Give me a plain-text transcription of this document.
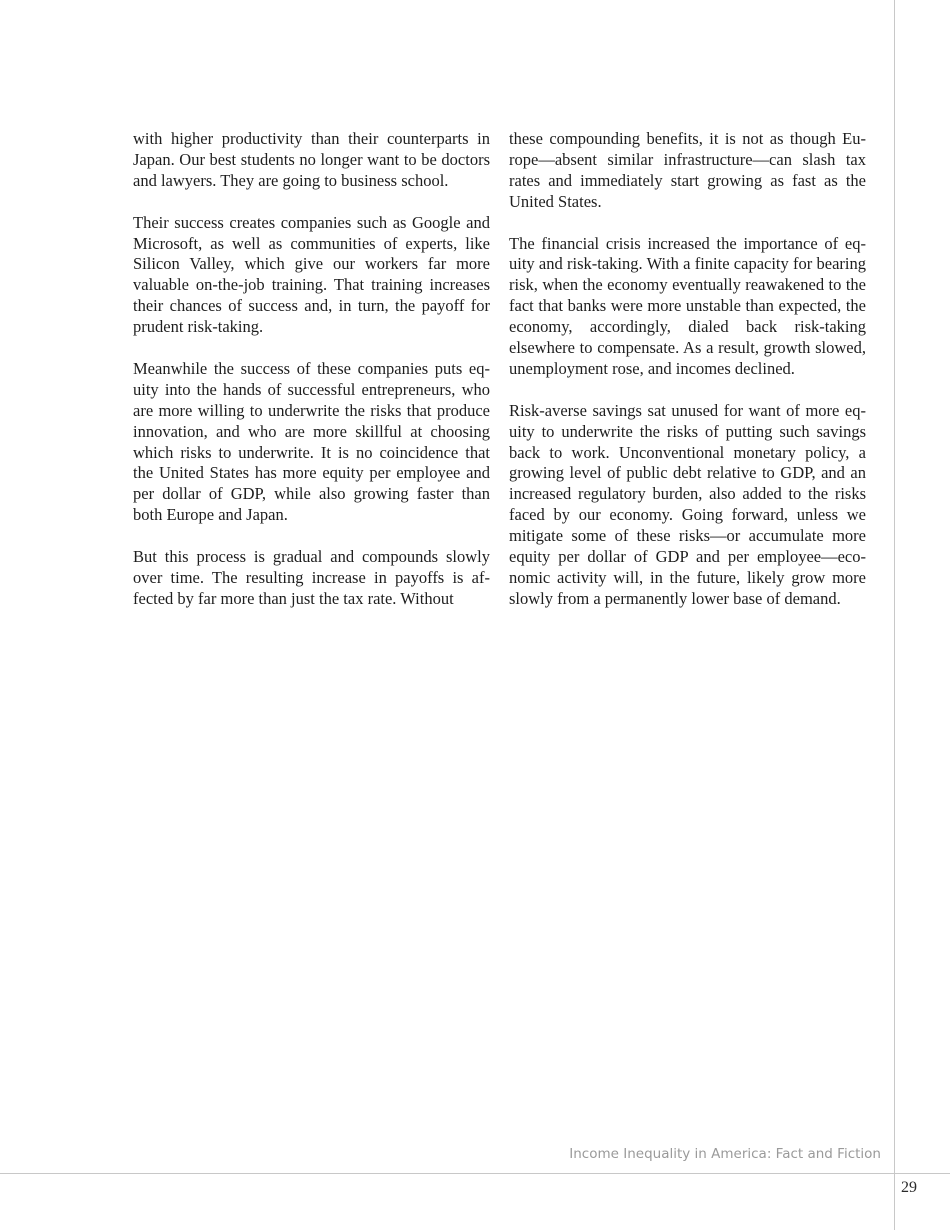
with higher productivity than their counterparts in Japan. Our best students no longer want to be doctors and lawyers. They are going to business school.

Their success creates companies such as Google and Microsoft, as well as communities of experts, like Silicon Valley, which give our workers far more valuable on-the-job training. That training increases their chances of success and, in turn, the payoff for prudent risk-taking.

Meanwhile the success of these companies puts equity into the hands of successful entrepreneurs, who are more willing to underwrite the risks that produce innovation, and who are more skillful at choosing which risks to underwrite. It is no coincidence that the United States has more equity per employee and per dollar of GDP, while also growing faster than both Europe and Japan.

But this process is gradual and compounds slowly over time. The resulting increase in payoffs is affected by far more than just the tax rate. Without

these compounding benefits, it is not as though Europe—absent similar infrastructure—can slash tax rates and immediately start growing as fast as the United States.

The financial crisis increased the importance of equity and risk-taking. With a finite capacity for bearing risk, when the economy eventually reawakened to the fact that banks were more unstable than expected, the economy, accordingly, dialed back risk-taking elsewhere to compensate. As a result, growth slowed, unemployment rose, and incomes declined.

Risk-averse savings sat unused for want of more equity to underwrite the risks of putting such savings back to work. Unconventional monetary policy, a growing level of public debt relative to GDP, and an increased regulatory burden, also added to the risks faced by our economy. Going forward, unless we mitigate some of these risks—or accumulate more equity per dollar of GDP and per employee—economic activity will, in the future, likely grow more slowly from a permanently lower base of demand.

Income Inequality in America: Fact and Fiction
29
